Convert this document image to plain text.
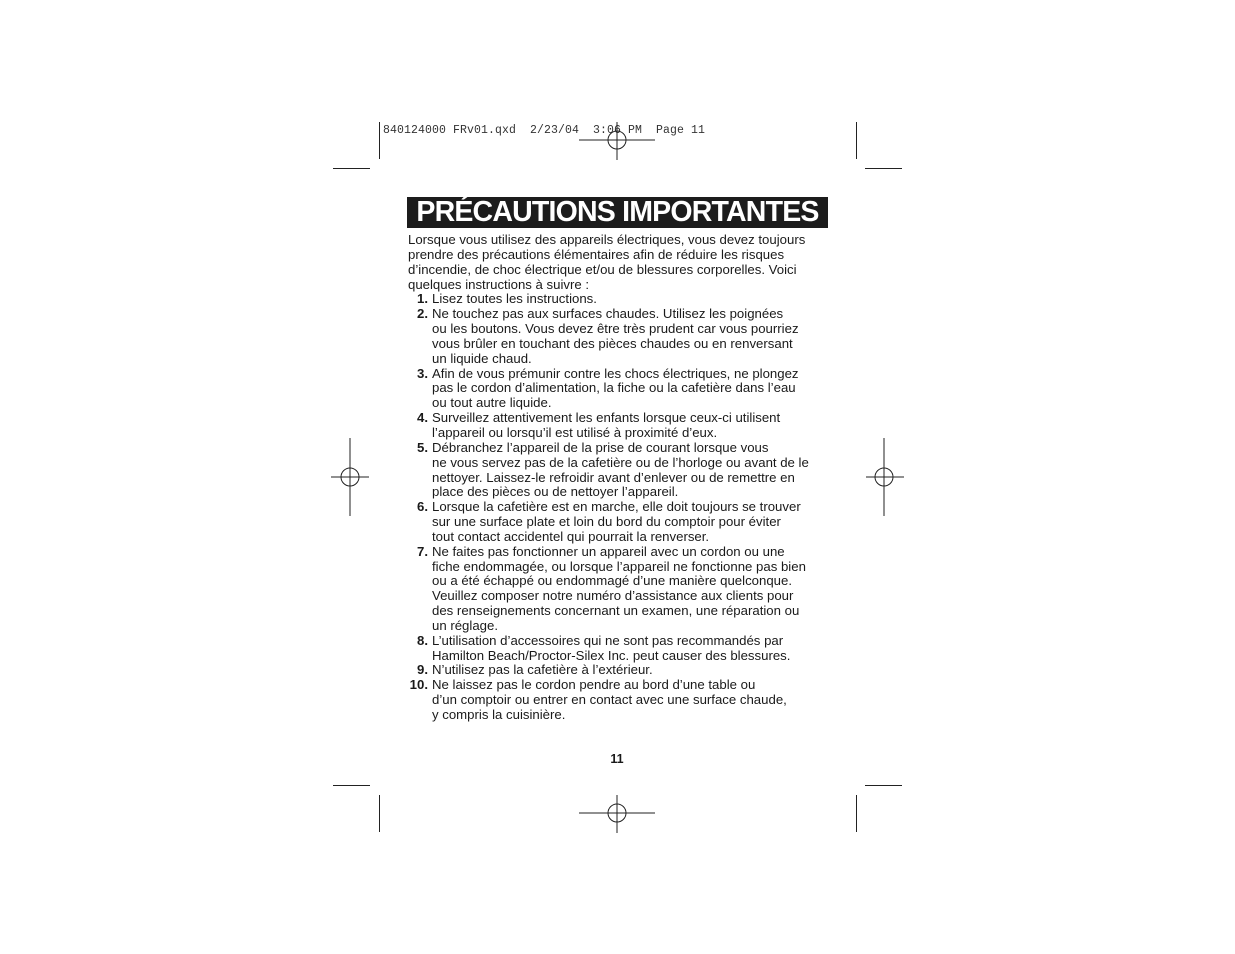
840124000 FRv01.qxd  2/23/04  3:06 PM  Page 11
PRÉCAUTIONS IMPORTANTES
Lorsque vous utilisez des appareils électriques, vous devez toujours
prendre des précautions élémentaires afin de réduire les risques
d’incendie, de choc électrique et/ou de blessures corporelles. Voici
quelques instructions à suivre :
1. Lisez toutes les instructions.
2. Ne touchez pas aux surfaces chaudes. Utilisez les poignées
ou les boutons. Vous devez être très prudent car vous pourriez
vous brûler en touchant des pièces chaudes ou en renversant
un liquide chaud.
3. Afin de vous prémunir contre les chocs électriques, ne plongez
pas le cordon d’alimentation, la fiche ou la cafetière dans l’eau
ou tout autre liquide.
4. Surveillez attentivement les enfants lorsque ceux-ci utilisent
l’appareil ou lorsqu’il est utilisé à proximité d’eux.
5. Débranchez l’appareil de la prise de courant lorsque vous
ne vous servez pas de la cafetière ou de l’horloge ou avant de le
nettoyer. Laissez-le refroidir avant d’enlever ou de remettre en
place des pièces ou de nettoyer l’appareil.
6. Lorsque la cafetière est en marche, elle doit toujours se trouver
sur une surface plate et loin du bord du comptoir pour éviter
tout contact accidentel qui pourrait la renverser.
7. Ne faites pas fonctionner un appareil avec un cordon ou une
fiche endommagée, ou lorsque l’appareil ne fonctionne pas bien
ou a été échappé ou endommagé d’une manière quelconque.
Veuillez composer notre numéro d’assistance aux clients pour
des renseignements concernant un examen, une réparation ou
un réglage.
8. L’utilisation d’accessoires qui ne sont pas recommandés par
Hamilton Beach/Proctor-Silex Inc. peut causer des blessures.
9. N’utilisez pas la cafetière à l’extérieur.
10. Ne laissez pas le cordon pendre au bord d’une table ou
d’un comptoir ou entrer en contact avec une surface chaude,
y compris la cuisinière.
11
